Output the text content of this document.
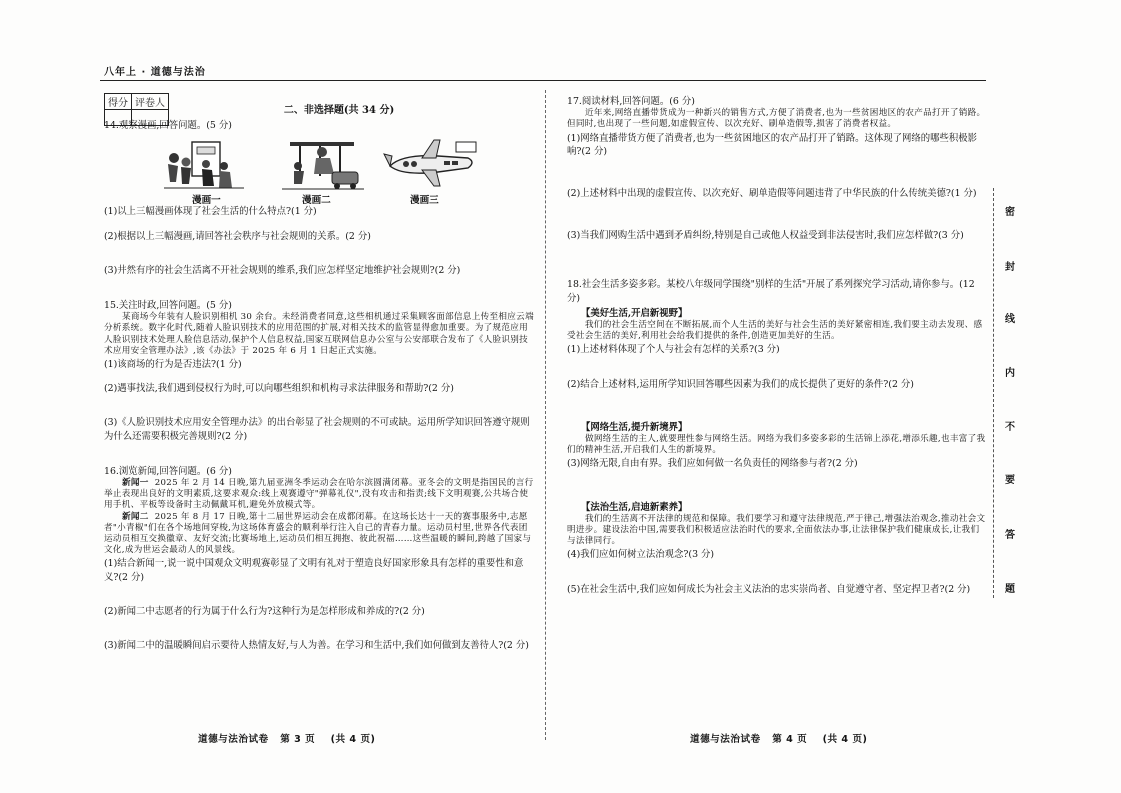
八年上 · 道德与法治
得分	评卷人

二、非选择题(共 34 分)
14.观察漫画,回答问题。(5 分)
漫画一	漫画二	漫画三
(1)以上三幅漫画体现了社会生活的什么特点?(1 分)
(2)根据以上三幅漫画,请回答社会秩序与社会规则的关系。(2 分)
(3)井然有序的社会生活离不开社会规则的维系,我们应怎样坚定地维护社会规则?(2 分)
15.关注时政,回答问题。(5 分)
某商场今年装有人脸识别相机 30 余台。未经消费者同意,这些相机通过采集顾客面部信息上传至相应云端分析系统。数字化时代,随着人脸识别技术的应用范围的扩展,对相关技术的监管显得愈加重要。为了规范应用人脸识别技术处理人脸信息活动,保护个人信息权益,国家互联网信息办公室与公安部联合发布了《人脸识别技术应用安全管理办法》,该《办法》于 2025 年 6 月 1 日起正式实施。
(1)该商场的行为是否违法?(1 分)
(2)遇事找法,我们遇到侵权行为时,可以向哪些组织和机构寻求法律服务和帮助?(2 分)
(3)《人脸识别技术应用安全管理办法》的出台彰显了社会规则的不可或缺。运用所学知识回答遵守规则为什么还需要积极完善规则?(2 分)
16.浏览新闻,回答问题。(6 分)
新闻一 2025 年 2 月 14 日晚,第九届亚洲冬季运动会在哈尔滨圆满闭幕。亚冬会的文明是指国民的言行举止表现出良好的文明素质,这要求观众:线上观赛遵守"弹幕礼仪",没有攻击和指责;线下文明观赛,公共场合使用手机、平板等设备时主动佩戴耳机,避免外放模式等。
新闻二 2025 年 8 月 17 日晚,第十二届世界运动会在成都闭幕。在这场长达十一天的赛事服务中,志愿者"小青椒"们在各个场地间穿梭,为这场体育盛会的顺利举行注入自己的青春力量。运动员村里,世界各代表团运动员相互交换徽章、友好交流;比赛场地上,运动员们相互拥抱、彼此祝福……这些温暖的瞬间,跨越了国家与文化,成为世运会最动人的风景线。
(1)结合新闻一,说一说中国观众文明观赛彰显了文明有礼对于塑造良好国家形象具有怎样的重要性和意义?(2 分)
(2)新闻二中志愿者的行为属于什么行为?这种行为是怎样形成和养成的?(2 分)
(3)新闻二中的温暖瞬间启示要待人热情友好,与人为善。在学习和生活中,我们如何做到友善待人?(2 分)
17.阅读材料,回答问题。(6 分)
近年来,网络直播带货成为一种新兴的销售方式,方便了消费者,也为一些贫困地区的农产品打开了销路。但同时,也出现了一些问题,如虚假宣传、以次充好、刷单造假等,损害了消费者权益。
(1)网络直播带货方便了消费者,也为一些贫困地区的农产品打开了销路。这体现了网络的哪些积极影响?(2 分)
(2)上述材料中出现的虚假宣传、以次充好、刷单造假等问题违背了中华民族的什么传统美德?(1 分)
(3)当我们网购生活中遇到矛盾纠纷,特别是自己或他人权益受到非法侵害时,我们应怎样做?(3 分)
18.社会生活多姿多彩。某校八年级同学围绕"别样的生活"开展了系列探究学习活动,请你参与。(12 分)
【美好生活,开启新视野】
我们的社会生活空间在不断拓展,而个人生活的美好与社会生活的美好紧密相连,我们要主动去发现、感受社会生活的美好,利用社会给我们提供的条件,创造更加美好的生活。
(1)上述材料体现了个人与社会有怎样的关系?(3 分)
(2)结合上述材料,运用所学知识回答哪些因素为我们的成长提供了更好的条件?(2 分)
【网络生活,提升新境界】
做网络生活的主人,就要理性参与网络生活。网络为我们多姿多彩的生活锦上添花,增添乐趣,也丰富了我们的精神生活,开启我们人生的新境界。
(3)网络无限,自由有界。我们应如何做一名负责任的网络参与者?(2 分)
【法治生活,启迪新素养】
我们的生活离不开法律的规范和保障。我们要学习和遵守法律规范,严于律己,增强法治观念,推动社会文明进步。建设法治中国,需要我们积极适应法治时代的要求,全面依法办事,让法律保护我们健康成长,让我们与法律同行。
(4)我们应如何树立法治观念?(3 分)
(5)在社会生活中,我们应如何成长为社会主义法治的忠实崇尚者、自觉遵守者、坚定捍卫者?(2 分)
密
封
线
内
不
要
答
题
道德与法治试卷 第 3 页 (共 4 页)	道德与法治试卷 第 4 页 (共 4 页)
